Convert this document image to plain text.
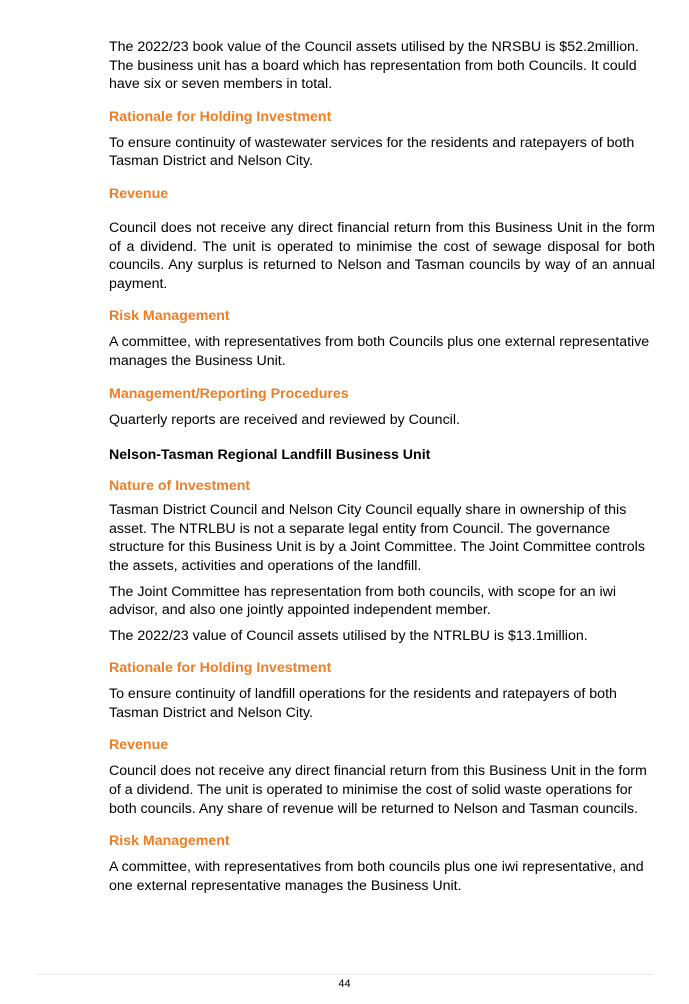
The 2022/23 book value of the Council assets utilised by the NRSBU is $52.2million. The business unit has a board which has representation from both Councils. It could have six or seven members in total.

Rationale for Holding Investment

To ensure continuity of wastewater services for the residents and ratepayers of both Tasman District and Nelson City.

Revenue

Council does not receive any direct financial return from this Business Unit in the form of a dividend. The unit is operated to minimise the cost of sewage disposal for both councils. Any surplus is returned to Nelson and Tasman councils by way of an annual payment.

Risk Management

A committee, with representatives from both Councils plus one external representative manages the Business Unit.

Management/Reporting Procedures

Quarterly reports are received and reviewed by Council.

Nelson-Tasman Regional Landfill Business Unit
Nature of Investment

Tasman District Council and Nelson City Council equally share in ownership of this asset. The NTRLBU is not a separate legal entity from Council. The governance structure for this Business Unit is by a Joint Committee. The Joint Committee controls the assets, activities and operations of the landfill.

The Joint Committee has representation from both councils, with scope for an iwi advisor, and also one jointly appointed independent member.

The 2022/23 value of Council assets utilised by the NTRLBU is $13.1million.

Rationale for Holding Investment

To ensure continuity of landfill operations for the residents and ratepayers of both Tasman District and Nelson City.

Revenue

Council does not receive any direct financial return from this Business Unit in the form of a dividend. The unit is operated to minimise the cost of solid waste operations for both councils. Any share of revenue will be returned to Nelson and Tasman councils.

Risk Management

A committee, with representatives from both councils plus one iwi representative, and one external representative manages the Business Unit.

44
